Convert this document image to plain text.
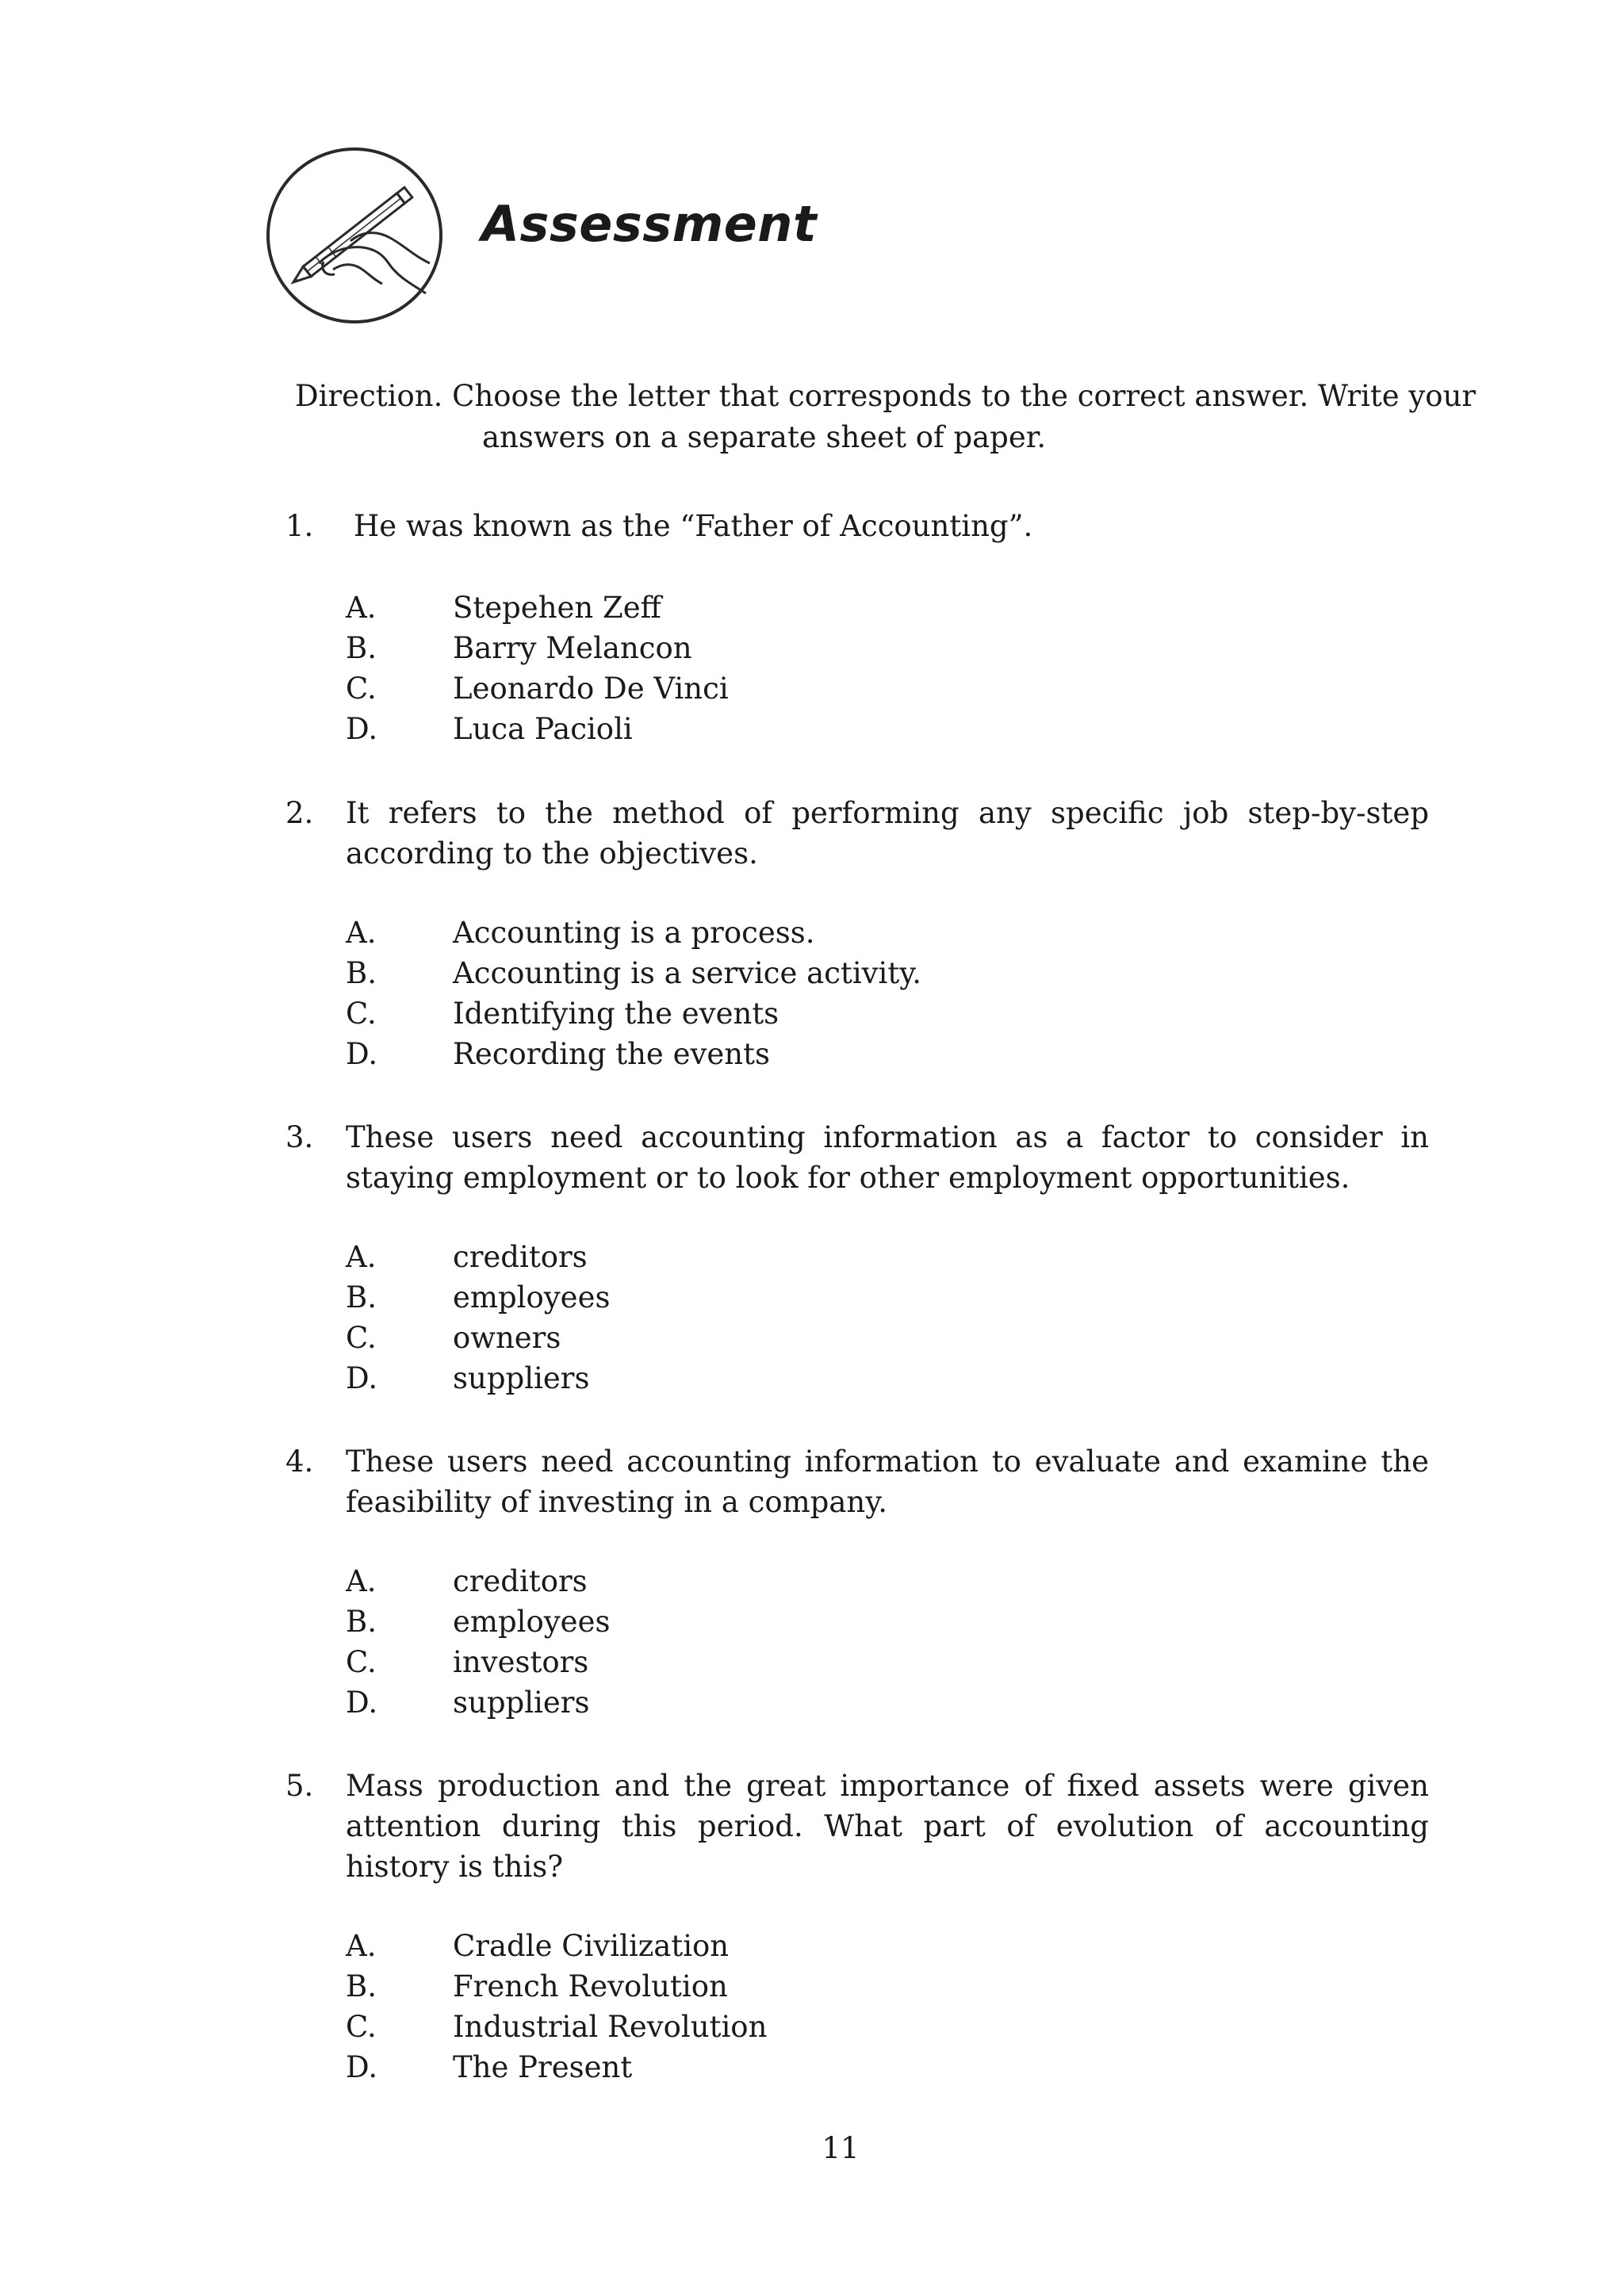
Assessment
Direction. Choose the letter that corresponds to the correct answer. Write your
answers on a separate sheet of paper.
1. He was known as the “Father of Accounting”.
A.	Stepehen Zeff
B.	Barry Melancon
C.	Leonardo De Vinci
D.	Luca Pacioli
2. It refers to the method of performing any specific job step-by-step according to the objectives.
A.	Accounting is a process.
B.	Accounting is a service activity.
C.	Identifying the events
D.	Recording the events
3. These users need accounting information as a factor to consider in staying employment or to look for other employment opportunities.
A.	creditors
B.	employees
C.	owners
D.	suppliers
4. These users need accounting information to evaluate and examine the feasibility of investing in a company.
A.	creditors
B.	employees
C.	investors
D.	suppliers
5. Mass production and the great importance of fixed assets were given attention during this period. What part of evolution of accounting history is this?
A.	Cradle Civilization
B.	French Revolution
C.	Industrial Revolution
D.	The Present
11
